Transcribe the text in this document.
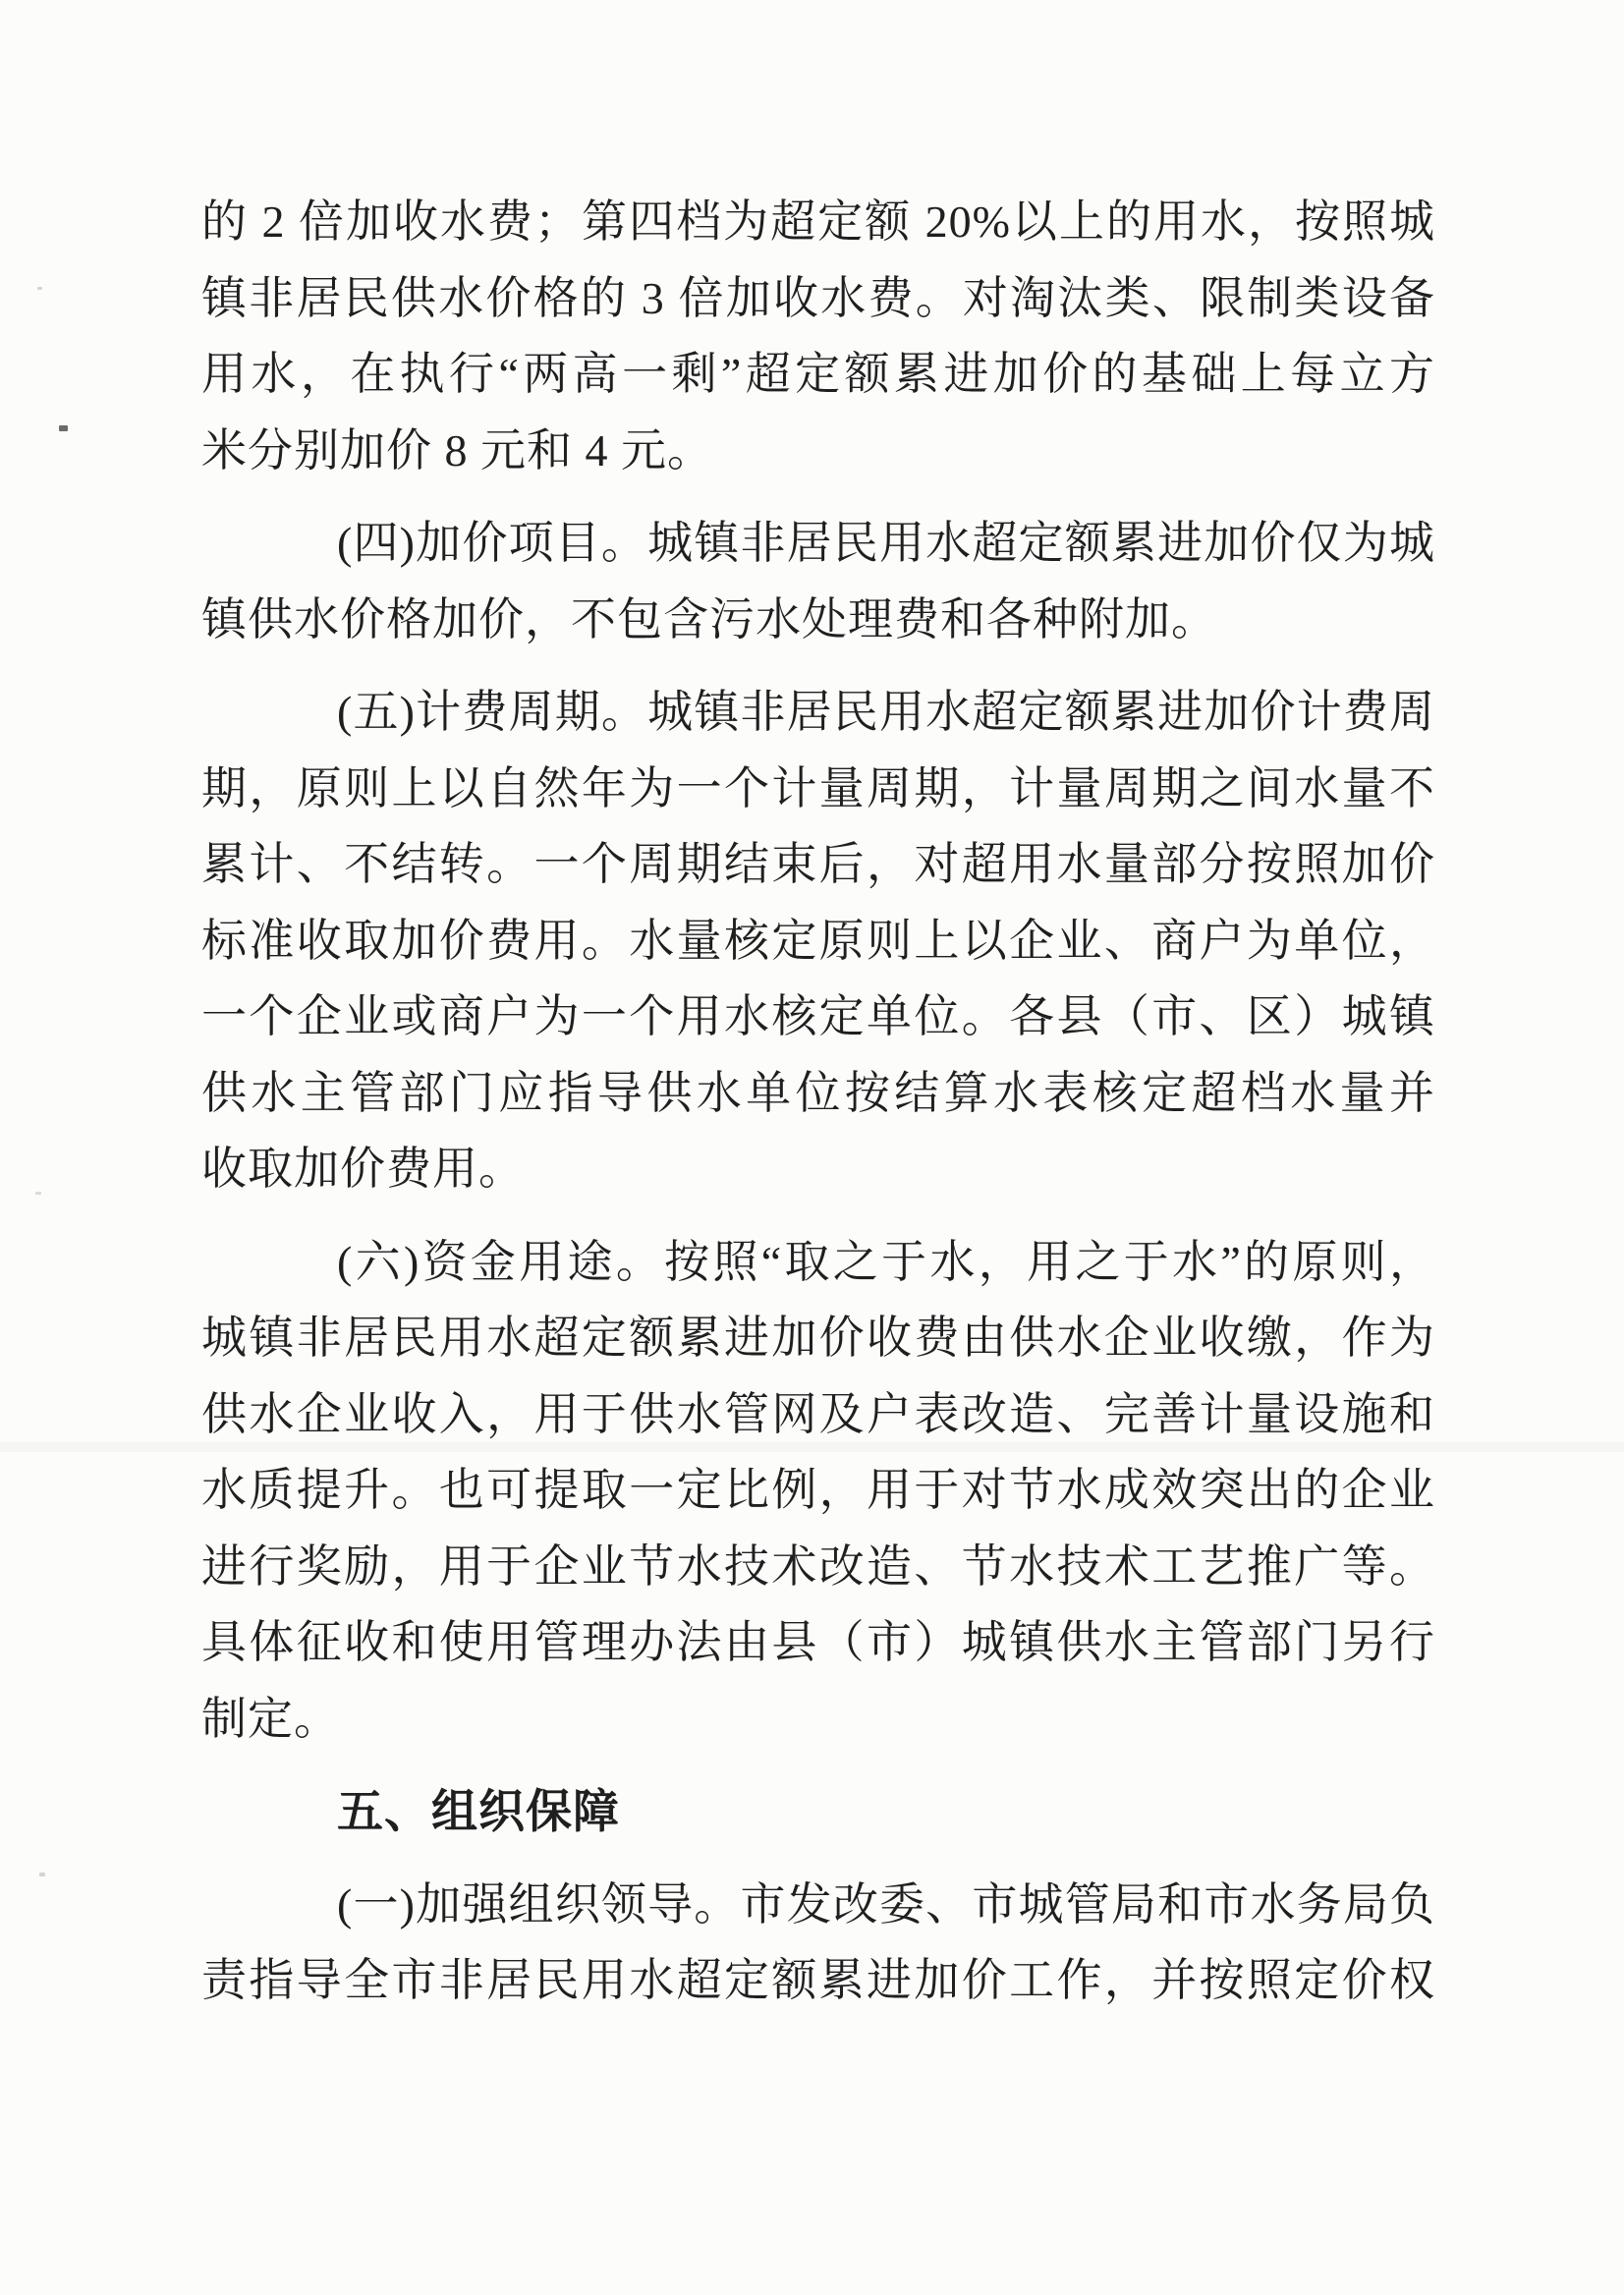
的 2 倍加收水费；第四档为超定额 20%以上的用水，按照城
镇非居民供水价格的 3 倍加收水费。对淘汰类、限制类设备
用水，在执行“两高一剩”超定额累进加价的基础上每立方
米分别加价 8 元和 4 元。
(四)加价项目。城镇非居民用水超定额累进加价仅为城
镇供水价格加价，不包含污水处理费和各种附加。
(五)计费周期。城镇非居民用水超定额累进加价计费周
期，原则上以自然年为一个计量周期，计量周期之间水量不
累计、不结转。一个周期结束后，对超用水量部分按照加价
标准收取加价费用。水量核定原则上以企业、商户为单位，
一个企业或商户为一个用水核定单位。各县（市、区）城镇
供水主管部门应指导供水单位按结算水表核定超档水量并
收取加价费用。
(六)资金用途。按照“取之于水，用之于水”的原则，
城镇非居民用水超定额累进加价收费由供水企业收缴，作为
供水企业收入，用于供水管网及户表改造、完善计量设施和
水质提升。也可提取一定比例，用于对节水成效突出的企业
进行奖励，用于企业节水技术改造、节水技术工艺推广等。
具体征收和使用管理办法由县（市）城镇供水主管部门另行
制定。
五、组织保障
(一)加强组织领导。市发改委、市城管局和市水务局负
责指导全市非居民用水超定额累进加价工作，并按照定价权
